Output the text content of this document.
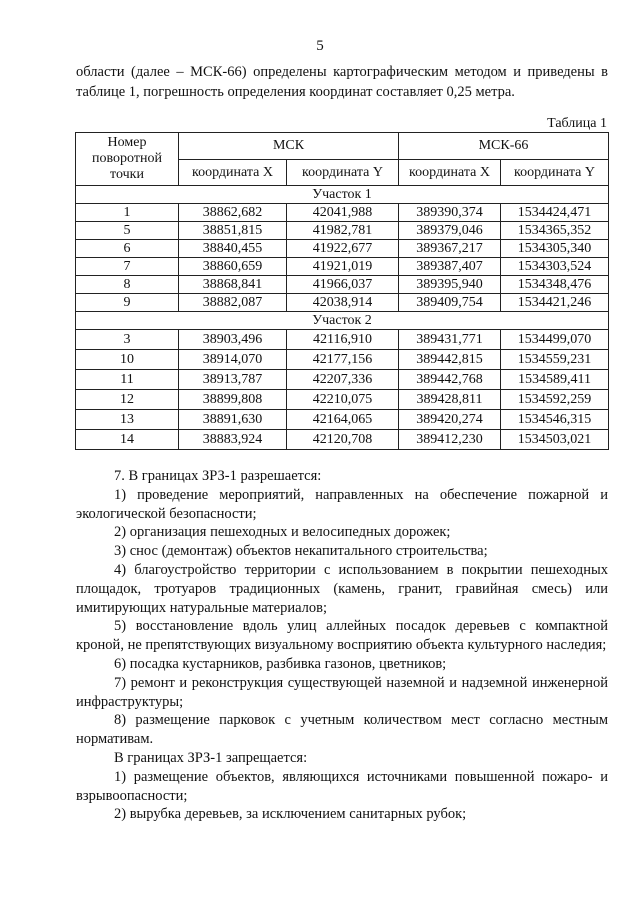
5
области (далее – МСК-66) определены картографическим методом и приведены в таблице 1, погрешность определения координат составляет 0,25 метра.
Таблица 1
Номер поворотной точки	МСК		МСК-66	
	координата X	координата Y	координата X	координата Y
Участок 1				
1	38862,682	42041,988	389390,374	1534424,471
5	38851,815	41982,781	389379,046	1534365,352
6	38840,455	41922,677	389367,217	1534305,340
7	38860,659	41921,019	389387,407	1534303,524
8	38868,841	41966,037	389395,940	1534348,476
9	38882,087	42038,914	389409,754	1534421,246
Участок 2				
3	38903,496	42116,910	389431,771	1534499,070
10	38914,070	42177,156	389442,815	1534559,231
11	38913,787	42207,336	389442,768	1534589,411
12	38899,808	42210,075	389428,811	1534592,259
13	38891,630	42164,065	389420,274	1534546,315
14	38883,924	42120,708	389412,230	1534503,021

7. В границах ЗРЗ-1 разрешается:

1) проведение мероприятий, направленных на обеспечение пожарной и экологической безопасности;

2) организация пешеходных и велосипедных дорожек;

3) снос (демонтаж) объектов некапитального строительства;

4) благоустройство территории с использованием в покрытии пешеходных площадок, тротуаров традиционных (камень, гранит, гравийная смесь) или имитирующих натуральные материалов;

5) восстановление вдоль улиц аллейных посадок деревьев с компактной кроной, не препятствующих визуальному восприятию объекта культурного наследия;

6) посадка кустарников, разбивка газонов, цветников;

7) ремонт и реконструкция существующей наземной и надземной инженерной инфраструктуры;

8) размещение парковок с учетным количеством мест согласно местным нормативам.

В границах ЗРЗ-1 запрещается:

1) размещение объектов, являющихся источниками повышенной пожаро- и взрывоопасности;

2) вырубка деревьев, за исключением санитарных рубок;
